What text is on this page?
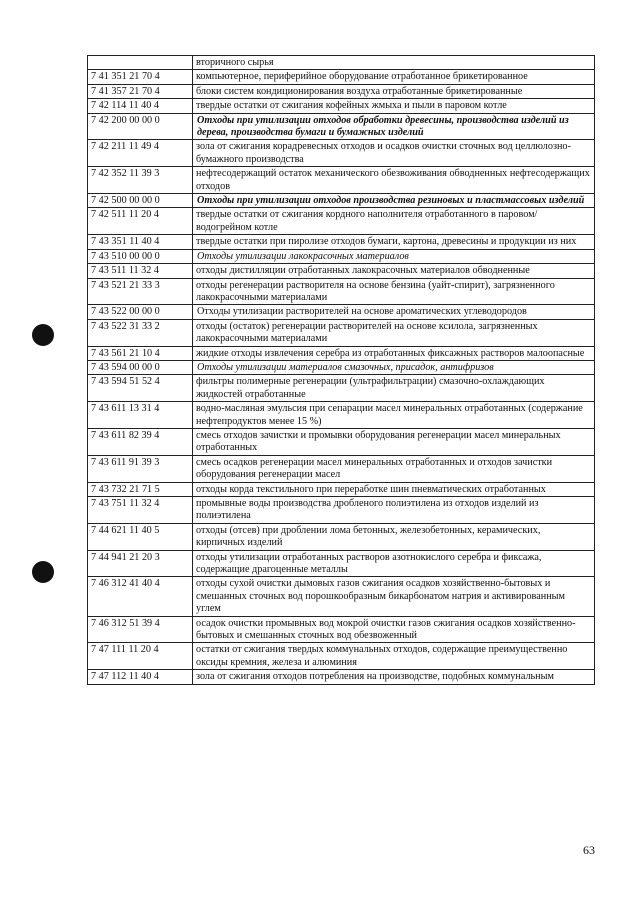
	вторичного сырья
7 41 351 21 70 4	компьютерное, периферийное оборудование отработанное брикетированное
7 41 357 21 70 4	блоки систем кондиционирования воздуха отработанные брикетированные
7 42 114 11 40 4	твердые остатки от сжигания кофейных жмыха и пыли в паровом котле
7 42 200 00 00 0	Отходы при утилизации отходов обработки древесины, производства изделий из дерева, производства бумаги и бумажных изделий
7 42 211 11 49 4	зола от сжигания корадревесных отходов и осадков очистки сточных вод целлюлозно-бумажного производства
7 42 352 11 39 3	нефтесодержащий остаток механического обезвоживания обводненных нефтесодержащих отходов
7 42 500 00 00 0	Отходы при утилизации отходов производства резиновых и пластмассовых изделий
7 42 511 11 20 4	твердые остатки от сжигания кордного наполнителя отработанного в паровом/водогрейном котле
7 43 351 11 40 4	твердые остатки при пиролизе отходов бумаги, картона, древесины и продукции из них
7 43 510 00 00 0	Отходы утилизации лакокрасочных материалов
7 43 511 11 32 4	отходы дистилляции отработанных лакокрасочных материалов обводненные
7 43 521 21 33 3	отходы регенерации растворителя на основе бензина (уайт-спирит), загрязненного лакокрасочными материалами
7 43 522 00 00 0	Отходы утилизации растворителей на основе ароматических углеводородов
7 43 522 31 33 2	отходы (остаток) регенерации растворителей на основе ксилола, загрязненных лакокрасочными материалами
7 43 561 21 10 4	жидкие отходы извлечения серебра из отработанных фиксажных растворов малоопасные
7 43 594 00 00 0	Отходы утилизации материалов смазочных, присадок, антифризов
7 43 594 51 52 4	фильтры полимерные регенерации (ультрафильтрации) смазочно-охлаждающих жидкостей отработанные
7 43 611 13 31 4	водно-масляная эмульсия при сепарации масел минеральных отработанных (содержание нефтепродуктов менее 15 %)
7 43 611 82 39 4	смесь отходов зачистки и промывки оборудования регенерации масел минеральных отработанных
7 43 611 91 39 3	смесь осадков регенерации масел минеральных отработанных и отходов зачистки оборудования регенерации масел
7 43 732 21 71 5	отходы корда текстильного при переработке шин пневматических отработанных
7 43 751 11 32 4	промывные воды производства дробленого полиэтилена из отходов изделий из полиэтилена
7 44 621 11 40 5	отходы (отсев) при дроблении лома бетонных, железобетонных, керамических, кирпичных изделий
7 44 941 21 20 3	отходы утилизации отработанных растворов азотнокислого серебра и фиксажа, содержащие драгоценные металлы
7 46 312 41 40 4	отходы сухой очистки дымовых газов сжигания осадков хозяйственно-бытовых и смешанных сточных вод порошкообразным бикарбонатом натрия и активированным углем
7 46 312 51 39 4	осадок очистки промывных вод мокрой очистки газов сжигания осадков хозяйственно-бытовых и смешанных сточных вод обезвоженный
7 47 111 11 20 4	остатки от сжигания твердых коммунальных отходов, содержащие преимущественно оксиды кремния, железа и алюминия
7 47 112 11 40 4	зола от сжигания отходов потребления на производстве, подобных коммунальным
63
